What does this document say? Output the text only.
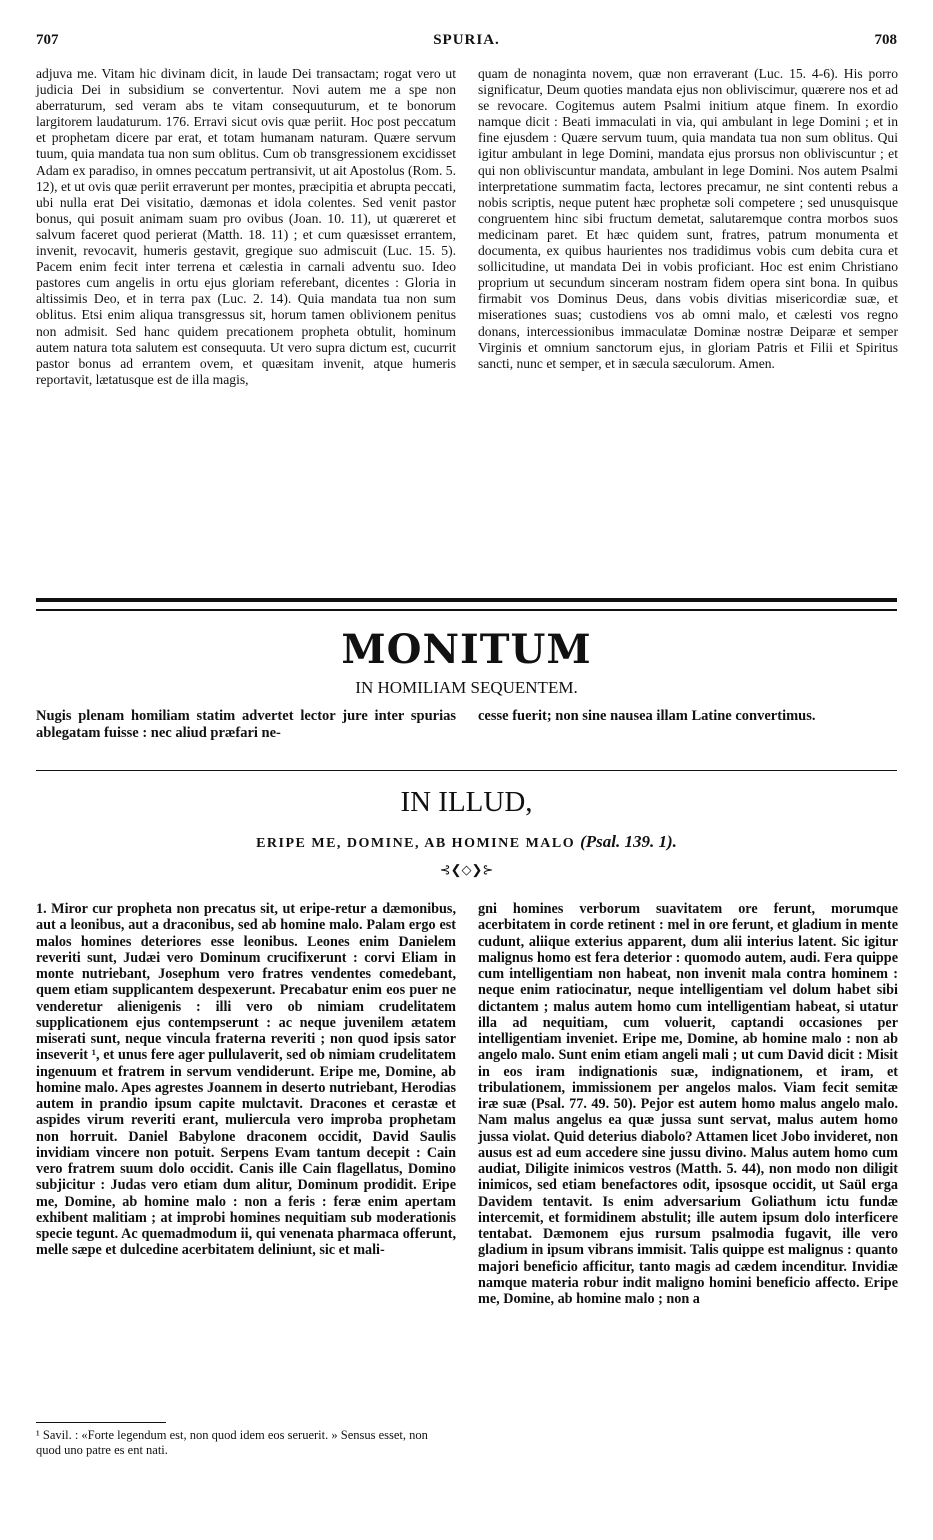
707	SPURIA.	708

adjuva me. Vitam hic divinam dicit, in laude Dei transactam; rogat vero ut judicia Dei in subsidium se convertentur. Novi autem me a spe non aberraturum, sed veram abs te vitam consequuturum, et te bonorum largitorem laudaturum. 176. Erravi sicut ovis quæ periit. Hoc post peccatum et prophetam dicere par erat, et totam humanam naturam. Quære servum tuum, quia mandata tua non sum oblitus. Cum ob transgressionem excidisset Adam ex paradiso, in omnes peccatum pertransivit, ut ait Apostolus (Rom. 5. 12), et ut ovis quæ periit erraverunt per montes, præcipitia et abrupta peccati, ubi nulla erat Dei visitatio, dæmonas et idola colentes. Sed venit pastor bonus, qui posuit animam suam pro ovibus (Joan. 10. 11), ut quæreret et salvum faceret quod perierat (Matth. 18. 11) ; et cum quæsisset errantem, invenit, revocavit, humeris gestavit, gregique suo admiscuit (Luc. 15. 5). Pacem enim fecit inter terrena et cælestia in carnali adventu suo. Ideo pastores cum angelis in ortu ejus gloriam referebant, dicentes : Gloria in altissimis Deo, et in terra pax (Luc. 2. 14). Quia mandata tua non sum oblitus. Etsi enim aliqua transgressus sit, horum tamen oblivionem penitus non admisit. Sed hanc quidem precationem propheta obtulit, hominum autem natura tota salutem est consequuta. Ut vero supra dictum est, cucurrit pastor bonus ad errantem ovem, et quæsitam invenit, atque humeris reportavit, lætatusque est de illa magis,

quam de nonaginta novem, quæ non erraverant (Luc. 15. 4-6). His porro significatur, Deum quoties mandata ejus non obliviscimur, quærere nos et ad se revocare. Cogitemus autem Psalmi initium atque finem. In exordio namque dicit : Beati immaculati in via, qui ambulant in lege Domini ; et in fine ejusdem : Quære servum tuum, quia mandata tua non sum oblitus. Qui igitur ambulant in lege Domini, mandata ejus prorsus non obliviscuntur ; et qui non obliviscuntur mandata, ambulant in lege Domini. Nos autem Psalmi interpretatione summatim facta, lectores precamur, ne sint contenti rebus a nobis scriptis, neque putent hæc prophetæ soli competere ; sed unusquisque congruentem hinc sibi fructum demetat, salutaremque contra morbos suos medicinam paret. Et hæc quidem sunt, fratres, patrum monumenta et documenta, ex quibus haurientes nos tradidimus vobis cum debita cura et sollicitudine, ut mandata Dei in vobis proficiant. Hoc est enim Christiano proprium ut secundum sinceram nostram fidem opera sint bona. In quibus firmabit vos Dominus Deus, dans vobis divitias misericordiæ suæ, et miserationes suas; custodiens vos ab omni malo, et cælesti vos regno donans, intercessionibus immaculatæ Dominæ nostræ Deiparæ et semper Virginis et omnium sanctorum ejus, in gloriam Patris et Filii et Spiritus sancti, nunc et semper, et in sæcula sæculorum. Amen.

MONITUM
IN HOMILIAM SEQUENTEM.

Nugis plenam homiliam statim advertet lector jure inter spurias ablegatam fuisse : nec aliud præfari ne-

cesse fuerit; non sine nausea illam Latine convertimus.

IN ILLUD,
ERIPE ME, DOMINE, AB HOMINE MALO (Psal. 139. 1).
⊰❮◇❯⊱

1. Miror cur propheta non precatus sit, ut eripe-retur a dæmonibus, aut a leonibus, aut a draconibus, sed ab homine malo. Palam ergo est malos homines deteriores esse leonibus. Leones enim Danielem reveriti sunt, Judæi vero Dominum crucifixerunt : corvi Eliam in monte nutriebant, Josephum vero fratres vendentes comedebant, quem etiam supplicantem despexerunt. Precabatur enim eos puer ne venderetur alienigenis : illi vero ob nimiam crudelitatem supplicationem ejus contempserunt : ac neque juvenilem ætatem miserati sunt, neque vincula fraterna reveriti ; non quod ipsis sator inseverit ¹, et unus fere ager pullulaverit, sed ob nimiam crudelitatem ingenuum et fratrem in servum vendiderunt. Eripe me, Domine, ab homine malo. Apes agrestes Joannem in deserto nutriebant, Herodias autem in prandio ipsum capite mulctavit. Dracones et cerastæ et aspides virum reveriti erant, muliercula vero improba prophetam non horruit. Daniel Babylone draconem occidit, David Saulis invidiam vincere non potuit. Serpens Evam tantum decepit : Cain vero fratrem suum dolo occidit. Canis ille Cain flagellatus, Domino subjicitur : Judas vero etiam dum alitur, Dominum prodidit. Eripe me, Domine, ab homine malo : non a feris : feræ enim apertam exhibent malitiam ; at improbi homines nequitiam sub moderationis specie tegunt. Ac quemadmodum ii, qui venenata pharmaca offerunt, melle sæpe et dulcedine acerbitatem deliniunt, sic et mali-

gni homines verborum suavitatem ore ferunt, morumque acerbitatem in corde retinent : mel in ore ferunt, et gladium in mente cudunt, aliique exterius apparent, dum alii interius latent. Sic igitur malignus homo est fera deterior : quomodo autem, audi. Fera quippe cum intelligentiam non habeat, non invenit mala contra hominem : neque enim ratiocinatur, neque intelligentiam vel dolum habet sibi dictantem ; malus autem homo cum intelligentiam habeat, si utatur illa ad nequitiam, cum voluerit, captandi occasiones per intelligentiam inveniet. Eripe me, Domine, ab homine malo : non ab angelo malo. Sunt enim etiam angeli mali ; ut cum David dicit : Misit in eos iram indignationis suæ, indignationem, et iram, et tribulationem, immissionem per angelos malos. Viam fecit semitæ iræ suæ (Psal. 77. 49. 50). Pejor est autem homo malus angelo malo. Nam malus angelus ea quæ jussa sunt servat, malus autem homo jussa violat. Quid deterius diabolo? Attamen licet Jobo invideret, non ausus est ad eum accedere sine jussu divino. Malus autem homo cum audiat, Diligite inimicos vestros (Matth. 5. 44), non modo non diligit inimicos, sed etiam benefactores odit, ipsosque occidit, ut Saül erga Davidem tentavit. Is enim adversarium Goliathum ictu fundæ intercemit, et formidinem abstulit; ille autem ipsum dolo interficere tentabat. Dæmonem ejus rursum psalmodia fugavit, ille vero gladium in ipsum vibrans immisit. Talis quippe est malignus : quanto majori beneficio afficitur, tanto magis ad cædem incenditur. Invidiæ namque materia robur indit maligno homini beneficio affecto. Eripe me, Domine, ab homine malo ; non a

¹ Savil. : «Forte legendum est, non quod idem eos seruerit. » Sensus esset, non quod uno patre es ent nati.
